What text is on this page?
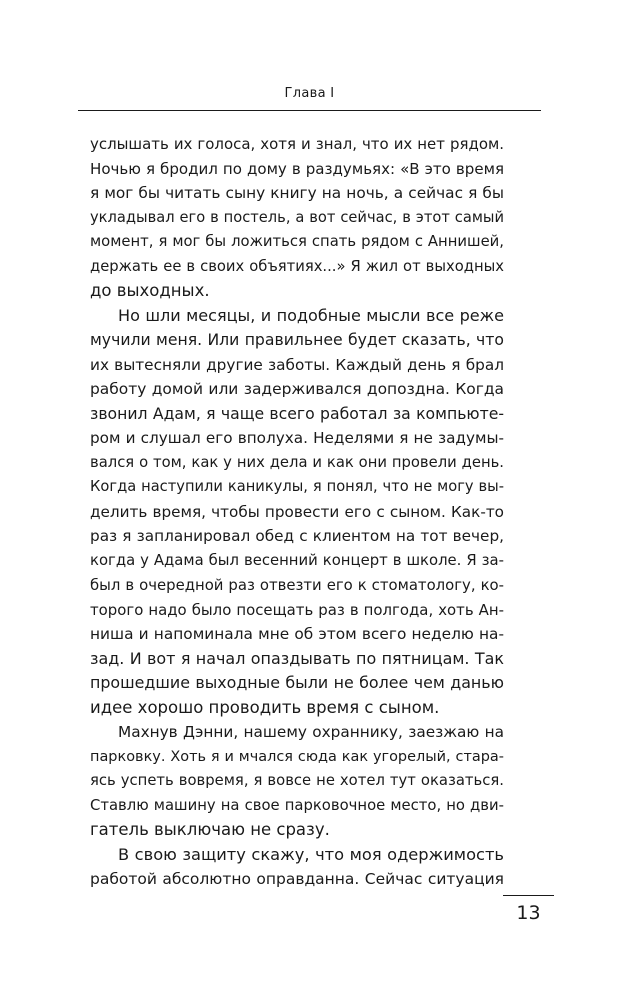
Глава I
услышать их голоса, хотя и знал, что их нет рядом.
Ночью я бродил по дому в раздумьях: «В это время
я мог бы читать сыну книгу на ночь, а сейчас я бы
укладывал его в постель, а вот сейчас, в этот самый
момент, я мог бы ложиться спать рядом с Аннишей,
держать ее в своих объятиях...» Я жил от выходных
до выходных.
Но шли месяцы, и подобные мысли все реже
мучили меня. Или правильнее будет сказать, что
их вытесняли другие заботы. Каждый день я брал
работу домой или задерживался допоздна. Когда
звонил Адам, я чаще всего работал за компьюте-
ром и слушал его вполуха. Неделями я не задумы-
вался о том, как у них дела и как они провели день.
Когда наступили каникулы, я понял, что не могу вы-
делить время, чтобы провести его с сыном. Как-то
раз я запланировал обед с клиентом на тот вечер,
когда у Адама был весенний концерт в школе. Я за-
был в очередной раз отвезти его к стоматологу, ко-
торого надо было посещать раз в полгода, хоть Ан-
ниша и напоминала мне об этом всего неделю на-
зад. И вот я начал опаздывать по пятницам. Так
прошедшие выходные были не более чем данью
идее хорошо проводить время с сыном.
Махнув Дэнни, нашему охраннику, заезжаю на
парковку. Хоть я и мчался сюда как угорелый, стара-
ясь успеть вовремя, я вовсе не хотел тут оказаться.
Ставлю машину на свое парковочное место, но дви-
гатель выключаю не сразу.
В свою защиту скажу, что моя одержимость
работой абсолютно оправданна. Сейчас ситуация
13
